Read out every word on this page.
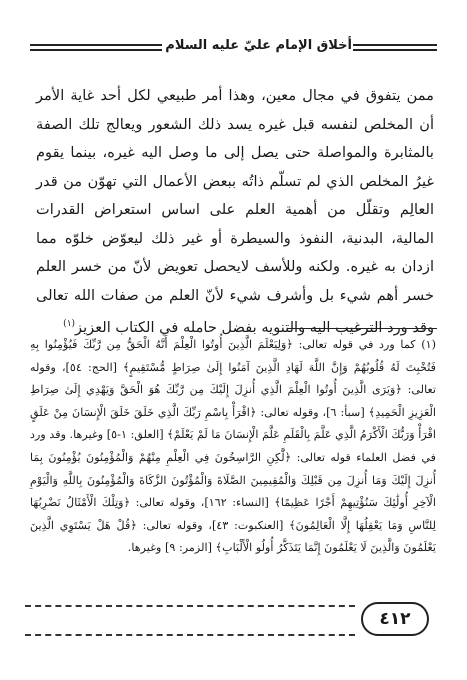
أخلاق الإمام عليّ عليه السلام

ممن يتفوق في مجال معين، وهذا أمر طبيعي لكل أحد غاية الأمر أن المخلص لنفسه قبل غيره يسد ذلك الشعور ويعالج تلك الصفة بالمثابرة والمواصلة حتى يصل إلى ما وصل اليه غيره، بينما يقوم غيرُ المخلص الذي لم تسلّم ذاتُه ببعض الأعمال التي تهوّن من قدر العالِم وتقلّل من أهمية العلم على اساس استعراض القدرات المالية، البدنية، النفوذ والسيطرة أو غير ذلك ليعوّض خلوّه مما ازدان به غيره. ولكنه وللأسف لايحصل تعويض لأنّ من خسر العلم خسر أهم شيء بل وأشرف شيء لأنّ العلم من صفات الله تعالى وقد ورد الترغيب اليه والتنويه بفضل حامله في الكتاب العزيز$^{(١)}$

(١) كما ورد في قوله تعالى: ﴿وَلِيَعْلَمَ الَّذِينَ أُوتُوا الْعِلْمَ أَنَّهُ الْحَقُّ مِن رَّبِّكَ فَيُؤْمِنُوا بِهِ فَتُخْبِتَ لَهُ قُلُوبُهُمْ وَإِنَّ اللَّهَ لَهَادِ الَّذِينَ آمَنُوا إِلَىٰ صِرَاطٍ مُّسْتَقِيمٍ﴾ [الحج: ٥٤]، وقوله تعالى: ﴿وَيَرَى الَّذِينَ أُوتُوا الْعِلْمَ الَّذِي أُنزِلَ إِلَيْكَ مِن رَّبِّكَ هُوَ الْحَقَّ وَيَهْدِي إِلَىٰ صِرَاطِ الْعَزِيزِ الْحَمِيدِ﴾ [سبأ: ٦]، وقوله تعالى: ﴿اقْرَأْ بِاسْمِ رَبِّكَ الَّذِي خَلَقَ خَلَقَ الْإِنسَانَ مِنْ عَلَقٍ اقْرَأْ وَرَبُّكَ الْأَكْرَمُ الَّذِي عَلَّمَ بِالْقَلَمِ عَلَّمَ الْإِنسَانَ مَا لَمْ يَعْلَمْ﴾ [العلق: ١-٥] وغيرها. وقد ورد في فضل العلماء قوله تعالى: ﴿لَّٰكِنِ الرَّاسِخُونَ فِي الْعِلْمِ مِنْهُمْ وَالْمُؤْمِنُونَ يُؤْمِنُونَ بِمَا أُنزِلَ إِلَيْكَ وَمَا أُنزِلَ مِن قَبْلِكَ وَالْمُقِيمِينَ الصَّلَاةَ وَالْمُؤْتُونَ الزَّكَاةَ وَالْمُؤْمِنُونَ بِاللَّهِ وَالْيَوْمِ الْآخِرِ أُولَٰئِكَ سَنُؤْتِيهِمْ أَجْرًا عَظِيمًا﴾ [النساء: ١٦٢]، وقوله تعالى: ﴿وَتِلْكَ الْأَمْثَالُ نَضْرِبُهَا لِلنَّاسِ وَمَا يَعْقِلُهَا إِلَّا الْعَالِمُونَ﴾ [العنكبوت: ٤٣]، وقوله تعالى: ﴿قُلْ هَلْ يَسْتَوِي الَّذِينَ يَعْلَمُونَ وَالَّذِينَ لَا يَعْلَمُونَ إِنَّمَا يَتَذَكَّرُ أُولُو الْأَلْبَابِ﴾ [الزمر: ٩] وغيرها.

٤١٢
